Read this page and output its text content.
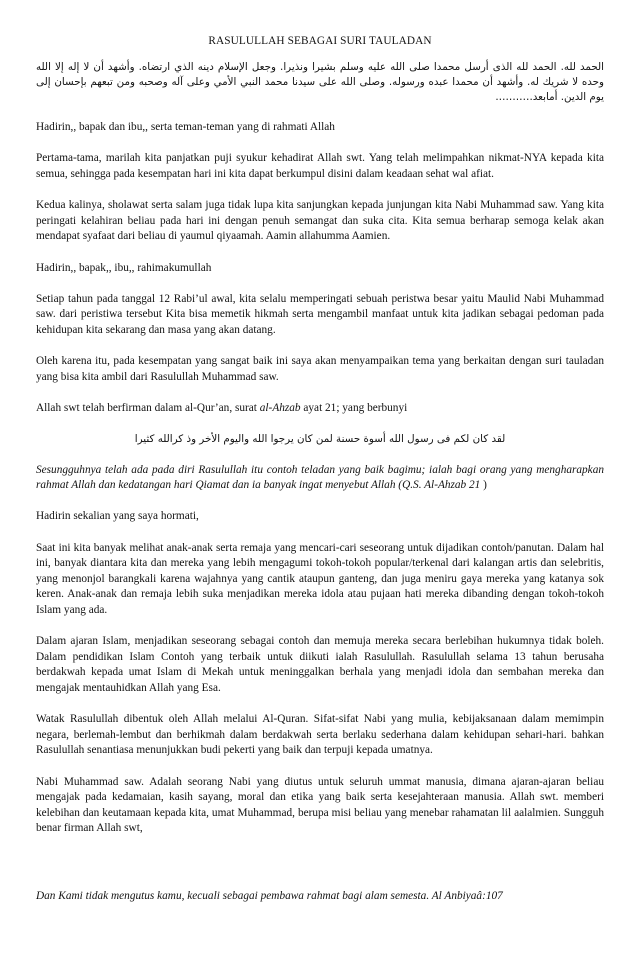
RASULULLAH SEBAGAI SURI TAULADAN

الحمد لله. الحمد لله الذى أرسل محمدا صلى الله عليه وسلم بشيرا ونذيرا. وجعل الإسلام دينه الذي ارتضاه. وأشهد أن لا إله إلا الله وحده لا شريك له. وأشهد أن محمدا عبده ورسوله. وصلى الله على سيدنا محمد النبي الأمي وعلى آله وصحبه ومن تبعهم بإحسان إلى يوم الدين. أمابعد.……….

Hadirin,, bapak dan ibu,, serta teman-teman yang di rahmati Allah

Pertama-tama, marilah kita panjatkan puji syukur kehadirat Allah swt. Yang telah melimpahkan nikmat-NYA kepada kita semua, sehingga pada kesempatan hari ini kita dapat berkumpul disini dalam keadaan sehat wal afiat.

Kedua kalinya, sholawat serta salam juga tidak lupa kita sanjungkan kepada junjungan kita Nabi Muhammad saw. Yang kita peringati kelahiran beliau pada hari ini dengan penuh semangat dan suka cita. Kita semua berharap semoga kelak akan mendapat syafaat dari beliau di yaumul qiyaamah. Aamin allahumma Aamien.

Hadirin,, bapak,, ibu,, rahimakumullah

Setiap tahun pada tanggal 12 Rabi’ul awal, kita selalu memperingati sebuah peristwa besar yaitu Maulid Nabi Muhammad saw. dari peristiwa tersebut Kita bisa memetik hikmah serta mengambil manfaat untuk kita jadikan sebagai pedoman pada kehidupan kita sekarang dan masa yang akan datang.

Oleh karena itu, pada kesempatan yang sangat baik ini saya akan menyampaikan tema yang berkaitan dengan suri tauladan yang bisa kita ambil dari Rasulullah Muhammad saw.

Allah swt telah berfirman dalam al-Qur’an, surat al-Ahzab ayat 21; yang berbunyi

لقد كان لكم فى رسول الله أسوة حسنة لمن كان يرجوا الله واليوم الأخر وذ كرالله كثيرا

Sesungguhnya telah ada pada diri Rasulullah itu contoh teladan yang baik bagimu; ialah bagi orang yang mengharapkan rahmat Allah dan kedatangan hari Qiamat dan ia banyak ingat menyebut Allah (Q.S. Al-Ahzab 21 )

Hadirin sekalian yang saya hormati,

Saat ini kita banyak melihat anak-anak serta remaja yang mencari-cari seseorang untuk dijadikan contoh/panutan. Dalam hal ini, banyak diantara kita dan mereka yang lebih mengagumi tokoh-tokoh popular/terkenal dari kalangan artis dan selebritis, yang menonjol barangkali karena wajahnya yang cantik ataupun ganteng, dan juga meniru gaya mereka yang katanya sok keren. Anak-anak dan remaja lebih suka menjadikan mereka idola atau pujaan hati mereka dibanding dengan tokoh-tokoh Islam yang ada.

Dalam ajaran Islam, menjadikan seseorang sebagai contoh dan memuja mereka secara berlebihan hukumnya tidak boleh. Dalam pendidikan Islam Contoh yang terbaik untuk diikuti ialah Rasulullah. Rasulullah selama 13 tahun berusaha berdakwah kepada umat Islam di Mekah untuk meninggalkan berhala yang menjadi idola dan sembahan mereka dan mengajak mentauhidkan Allah yang Esa.

Watak Rasulullah dibentuk oleh Allah melalui Al-Quran. Sifat-sifat Nabi yang mulia, kebijaksanaan dalam memimpin negara, berlemah-lembut dan berhikmah dalam berdakwah serta berlaku sederhana dalam kehidupan sehari-hari. bahkan Rasulullah senantiasa menunjukkan budi pekerti yang baik dan terpuji kepada umatnya.

Nabi Muhammad saw. Adalah seorang Nabi yang diutus untuk seluruh ummat manusia, dimana ajaran-ajaran beliau mengajak pada kedamaian, kasih sayang, moral dan etika yang baik serta kesejahteraan manusia. Allah swt. memberi kelebihan dan keutamaan kepada kita, umat Muhammad, berupa misi beliau yang menebar rahamatan lil aalalmien. Sungguh benar firman Allah swt,

Dan Kami tidak mengutus kamu, kecuali sebagai pembawa rahmat bagi alam semesta. Al Anbiyaâ:107
